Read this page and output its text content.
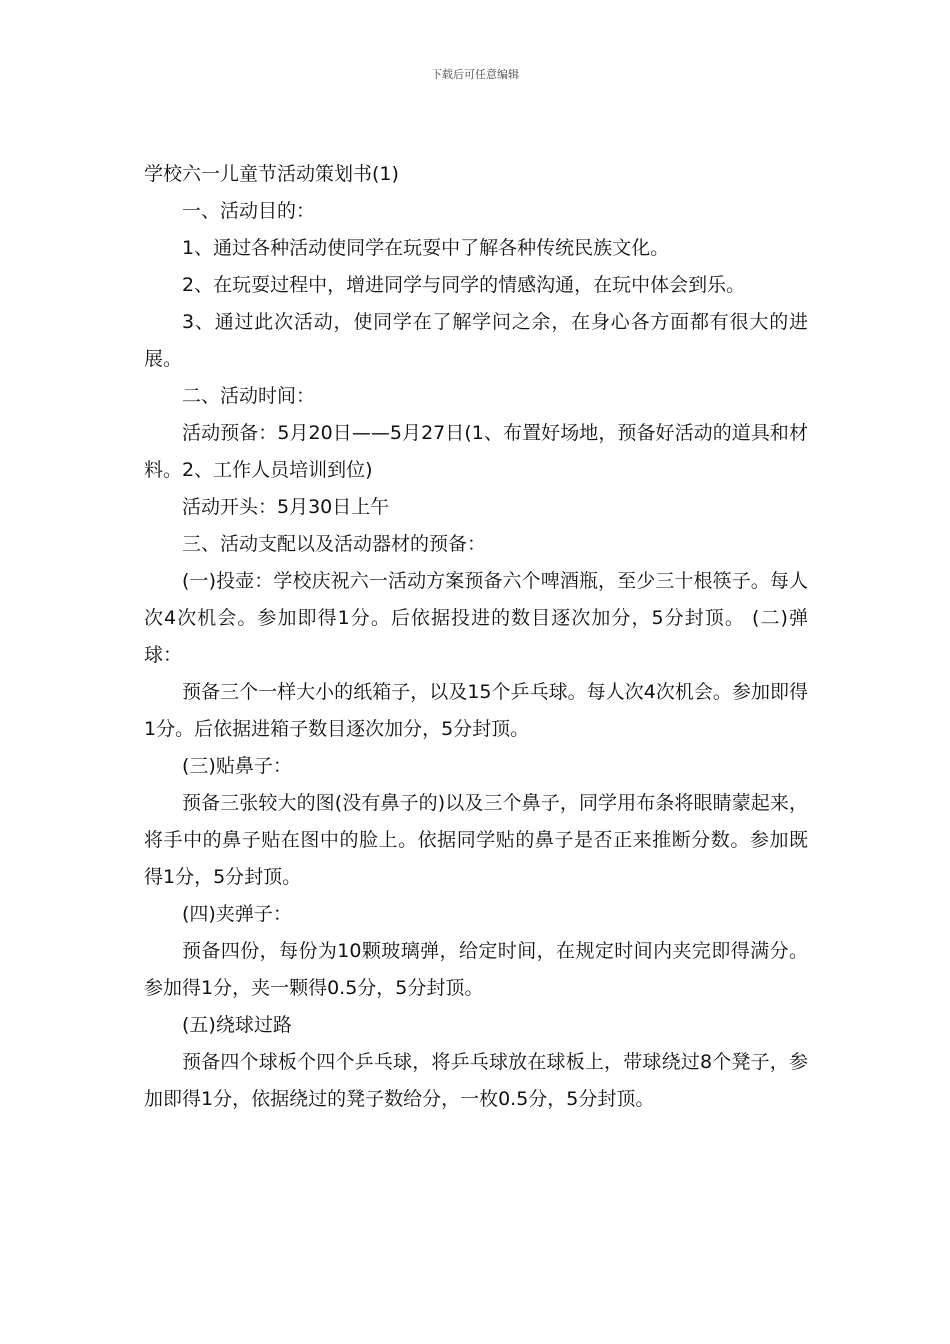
下载后可任意编辑
学校六一儿童节活动策划书(1)

一、活动目的：

1、通过各种活动使同学在玩耍中了解各种传统民族文化。

2、在玩耍过程中，增进同学与同学的情感沟通，在玩中体会到乐。

3、通过此次活动，使同学在了解学问之余，在身心各方面都有很大的进展。

二、活动时间：

活动预备：5月20日——5月27日(1、布置好场地，预备好活动的道具和材料。2、工作人员培训到位)

活动开头：5月30日上午

三、活动支配以及活动器材的预备：

(一)投壶：学校庆祝六一活动方案预备六个啤酒瓶，至少三十根筷子。每人次4次机会。参加即得1分。后依据投进的数目逐次加分，5分封顶。 (二)弹球：

预备三个一样大小的纸箱子，以及15个乒乓球。每人次4次机会。参加即得1分。后依据进箱子数目逐次加分，5分封顶。

(三)贴鼻子：

预备三张较大的图(没有鼻子的)以及三个鼻子，同学用布条将眼睛蒙起来，将手中的鼻子贴在图中的脸上。依据同学贴的鼻子是否正来推断分数。参加既得1分，5分封顶。

(四)夹弹子：

预备四份，每份为10颗玻璃弹，给定时间，在规定时间内夹完即得满分。参加得1分，夹一颗得0.5分，5分封顶。

(五)绕球过路

预备四个球板个四个乒乓球，将乒乓球放在球板上，带球绕过8个凳子，参加即得1分，依据绕过的凳子数给分，一枚0.5分，5分封顶。
